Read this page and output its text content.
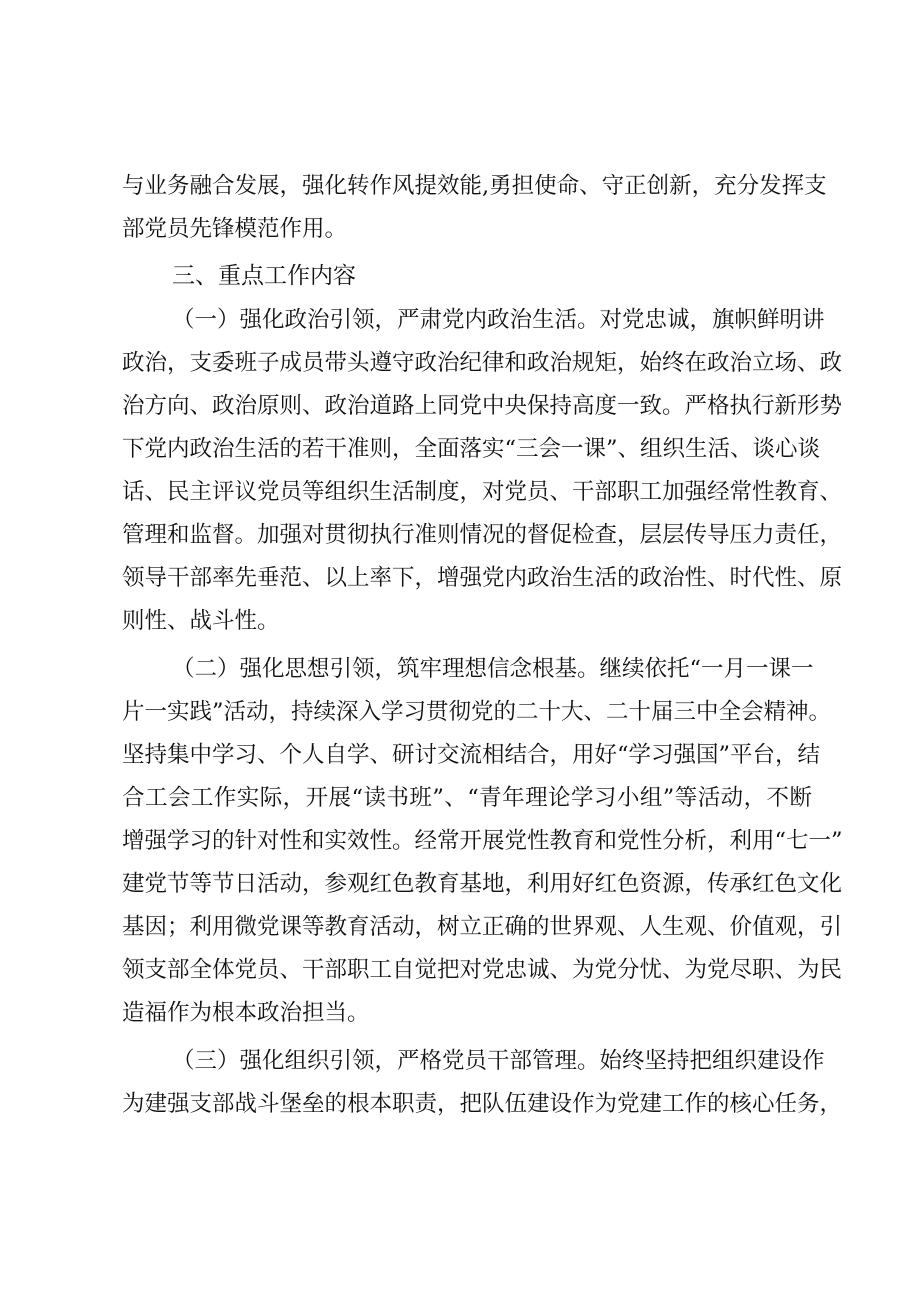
与业务融合发展，强化转作风提效能,勇担使命、守正创新，充分发挥支
部党员先锋模范作用。
三、重点工作内容
（一）强化政治引领，严肃党内政治生活。对党忠诚，旗帜鲜明讲
政治，支委班子成员带头遵守政治纪律和政治规矩，始终在政治立场、政
治方向、政治原则、政治道路上同党中央保持高度一致。严格执行新形势
下党内政治生活的若干准则，全面落实“三会一课”、组织生活、谈心谈
话、民主评议党员等组织生活制度，对党员、干部职工加强经常性教育、
管理和监督。加强对贯彻执行准则情况的督促检查，层层传导压力责任，
领导干部率先垂范、以上率下，增强党内政治生活的政治性、时代性、原
则性、战斗性。
（二）强化思想引领，筑牢理想信念根基。继续依托“一月一课一
片一实践”活动，持续深入学习贯彻党的二十大、二十届三中全会精神。
坚持集中学习、个人自学、研讨交流相结合，用好“学习强国”平台，结
合工会工作实际，开展“读书班”、“青年理论学习小组”等活动，不断
增强学习的针对性和实效性。经常开展党性教育和党性分析，利用“七一”
建党节等节日活动，参观红色教育基地，利用好红色资源，传承红色文化
基因；利用微党课等教育活动，树立正确的世界观、人生观、价值观，引
领支部全体党员、干部职工自觉把对党忠诚、为党分忧、为党尽职、为民
造福作为根本政治担当。
（三）强化组织引领，严格党员干部管理。始终坚持把组织建设作
为建强支部战斗堡垒的根本职责，把队伍建设作为党建工作的核心任务，
